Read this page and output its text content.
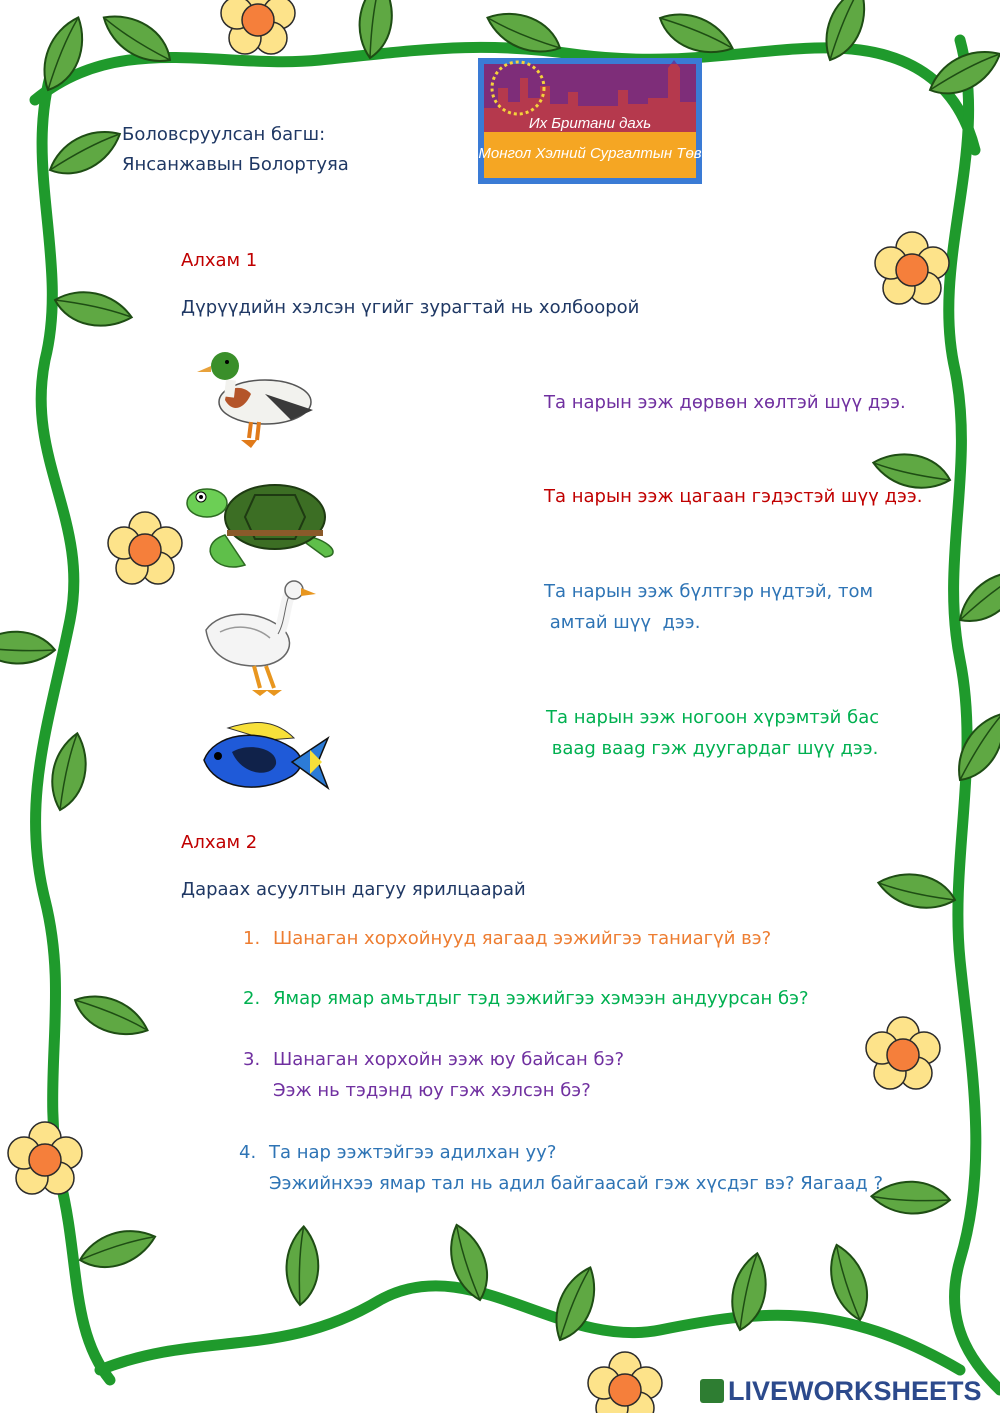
Боловсруулсан багш:
Янсанжавын Болортуяа
Их Британи дахь
Монгол Хэлний Сургалтын Төв
Алхам 1
Дүрүүдийн хэлсэн үгийг зурагтай нь холбоорой
Та нарын ээж дөрвөн хөлтэй шүү дээ.
Та нарын ээж цагаан гэдэстэй шүү дээ.
Та нарын ээж бүлтгэр нүдтэй, том
амтай шүү  дээ.
Та нарын ээж ногоон хүрэмтэй бас
ваag ваag гэж дуугардаг шүү дээ.
Алхам 2
Дараах асуултын дагуу ярилцаарай
1. Шанаган хорхойнууд яагаад ээжийгээ таниагүй вэ?
2. Ямар ямар амьтдыг тэд ээжийгээ хэмээн андуурсан бэ?
3. Шанаган хорхойн ээж юу байсан бэ?
Ээж нь тэдэнд юу гэж хэлсэн бэ?
4. Та нар ээжтэйгээ адилхан уу?
Ээжийнхээ ямар тал нь адил байгаасай гэж хүсдэг вэ? Яагаад ?
LIVEWORKSHEETS
